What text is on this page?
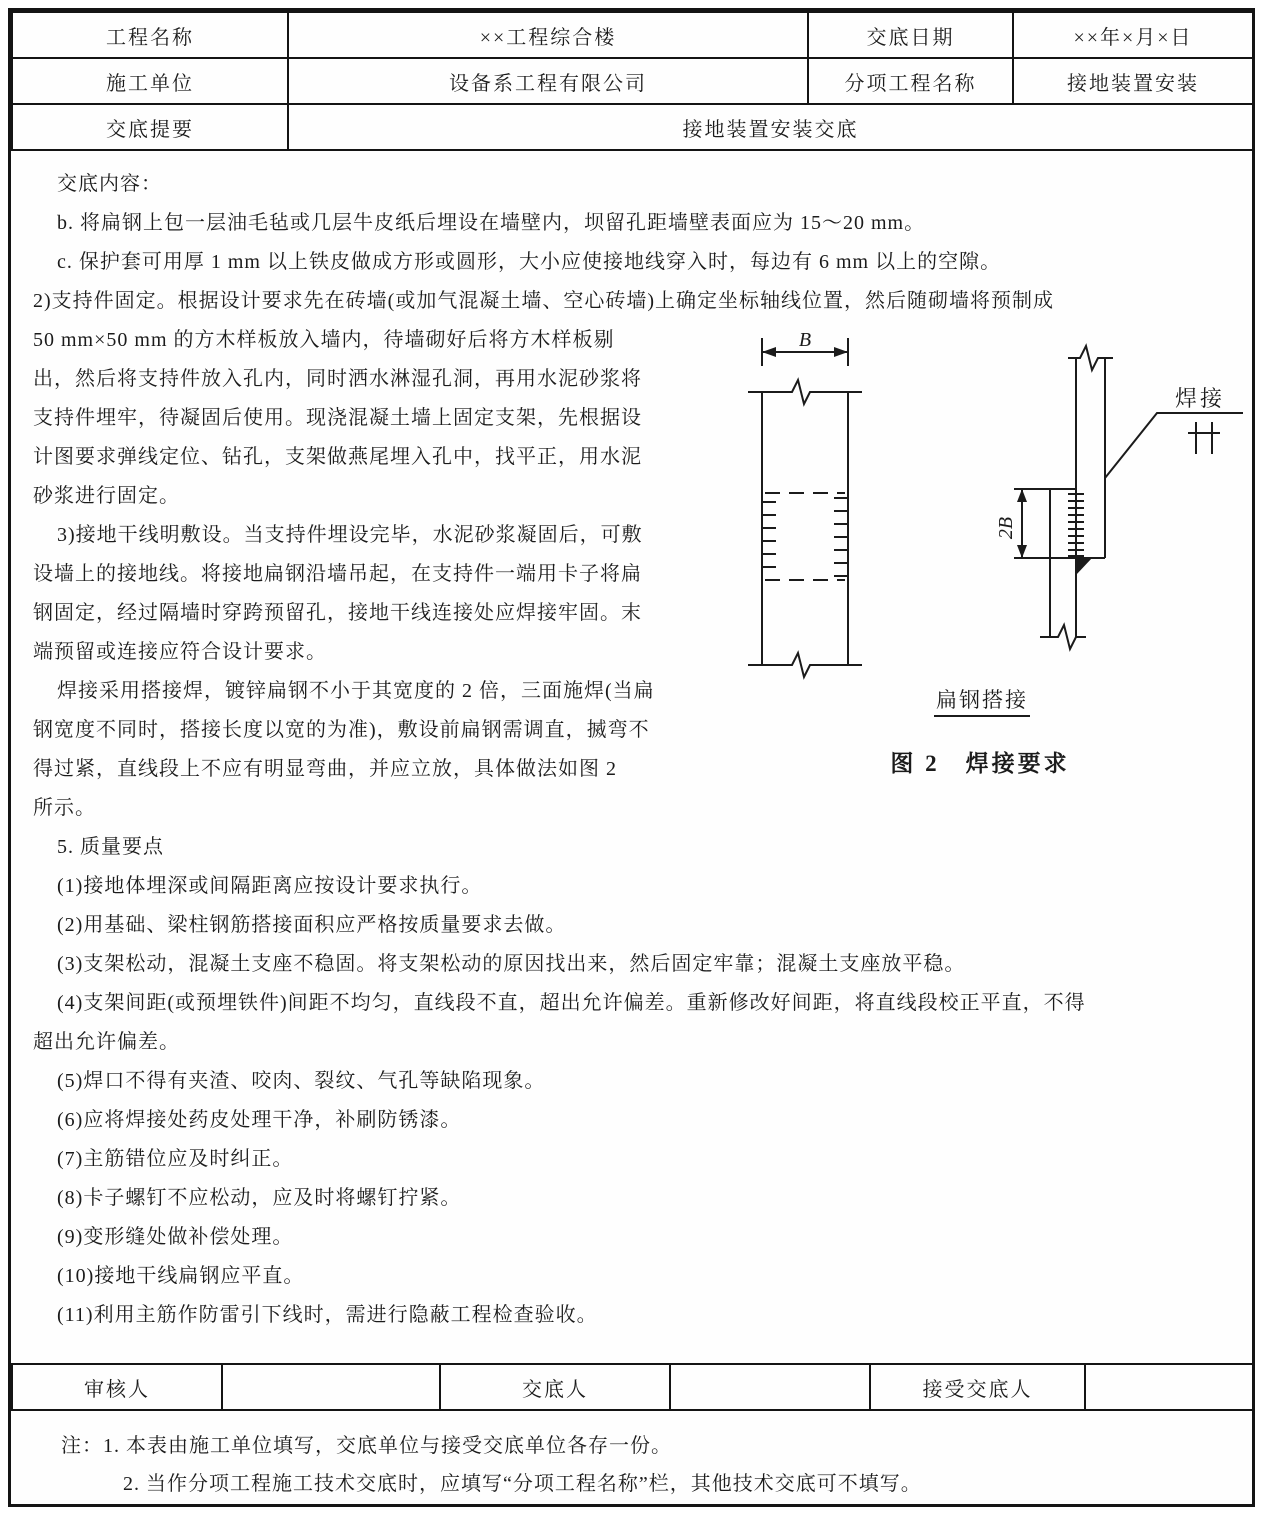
工程名称	××工程综合楼	交底日期	××年×月×日
施工单位	设备系工程有限公司	分项工程名称	接地装置安装
交底提要	接地装置安装交底		
交底内容：
b. 将扁钢上包一层油毛毡或几层牛皮纸后埋设在墙壁内，坝留孔距墙壁表面应为 15～20 mm。
c. 保护套可用厚 1 mm 以上铁皮做成方形或圆形，大小应使接地线穿入时，每边有 6 mm 以上的空隙。
2)支持件固定。根据设计要求先在砖墙(或加气混凝土墙、空心砖墙)上确定坐标轴线位置，然后随砌墙将预制成
50 mm×50 mm 的方木样板放入墙内，待墙砌好后将方木样板剔
出，然后将支持件放入孔内，同时洒水淋湿孔洞，再用水泥砂浆将
支持件埋牢，待凝固后使用。现浇混凝土墙上固定支架，先根据设
计图要求弹线定位、钻孔，支架做燕尾埋入孔中，找平正，用水泥
砂浆进行固定。
3)接地干线明敷设。当支持件埋设完毕，水泥砂浆凝固后，可敷
设墙上的接地线。将接地扁钢沿墙吊起，在支持件一端用卡子将扁
钢固定，经过隔墙时穿跨预留孔，接地干线连接处应焊接牢固。末
端预留或连接应符合设计要求。
焊接采用搭接焊，镀锌扁钢不小于其宽度的 2 倍，三面施焊(当扁
钢宽度不同时，搭接长度以宽的为准)，敷设前扁钢需调直，搣弯不
得过紧，直线段上不应有明显弯曲，并应立放，具体做法如图 2
所示。
5. 质量要点
(1)接地体埋深或间隔距离应按设计要求执行。
(2)用基础、梁柱钢筋搭接面积应严格按质量要求去做。
(3)支架松动，混凝土支座不稳固。将支架松动的原因找出来，然后固定牢靠；混凝土支座放平稳。
(4)支架间距(或预埋铁件)间距不均匀，直线段不直，超出允许偏差。重新修改好间距，将直线段校正平直，不得
超出允许偏差。
(5)焊口不得有夹渣、咬肉、裂纹、气孔等缺陷现象。
(6)应将焊接处药皮处理干净，补刷防锈漆。
(7)主筋错位应及时纠正。
(8)卡子螺钉不应松动，应及时将螺钉拧紧。
(9)变形缝处做补偿处理。
(10)接地干线扁钢应平直。
(11)利用主筋作防雷引下线时，需进行隐蔽工程检查验收。
B
2B
焊接
扁钢搭接
图 2　焊接要求
审核人		交底人		接受交底人	
注：1. 本表由施工单位填写，交底单位与接受交底单位各存一份。
2. 当作分项工程施工技术交底时，应填写“分项工程名称”栏，其他技术交底可不填写。
